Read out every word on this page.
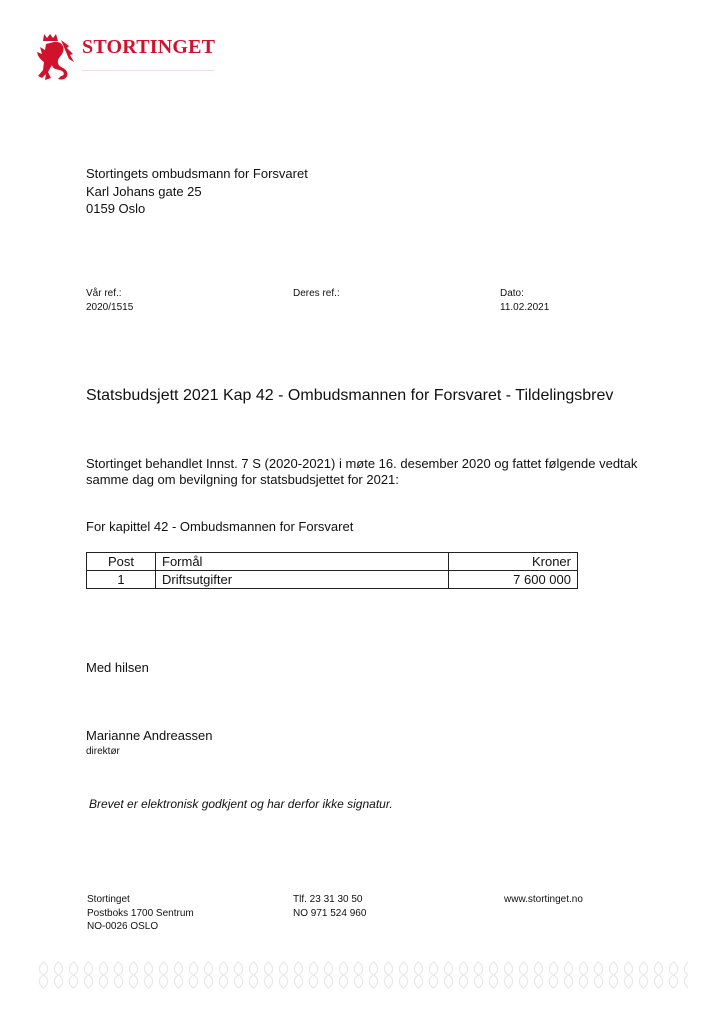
STORTINGET
Stortingets ombudsmann for Forsvaret
Karl Johans gate 25
0159 Oslo
Vår ref.:
2020/1515
Deres ref.:	Dato:
11.02.2021
Statsbudsjett 2021 Kap 42 - Ombudsmannen for Forsvaret - Tildelingsbrev
Stortinget behandlet Innst. 7 S (2020-2021) i møte 16. desember 2020 og fattet følgende vedtak samme dag om bevilgning for statsbudsjettet for 2021:
For kapittel 42 - Ombudsmannen for Forsvaret
Post	Formål	Kroner
1	Driftsutgifter	7 600 000
Med hilsen
Marianne Andreassen
direktør
Brevet er elektronisk godkjent og har derfor ikke signatur.
Stortinget
Postboks 1700 Sentrum
NO-0026 OSLO
Tlf. 23 31 30 50
NO 971 524 960
www.stortinget.no
